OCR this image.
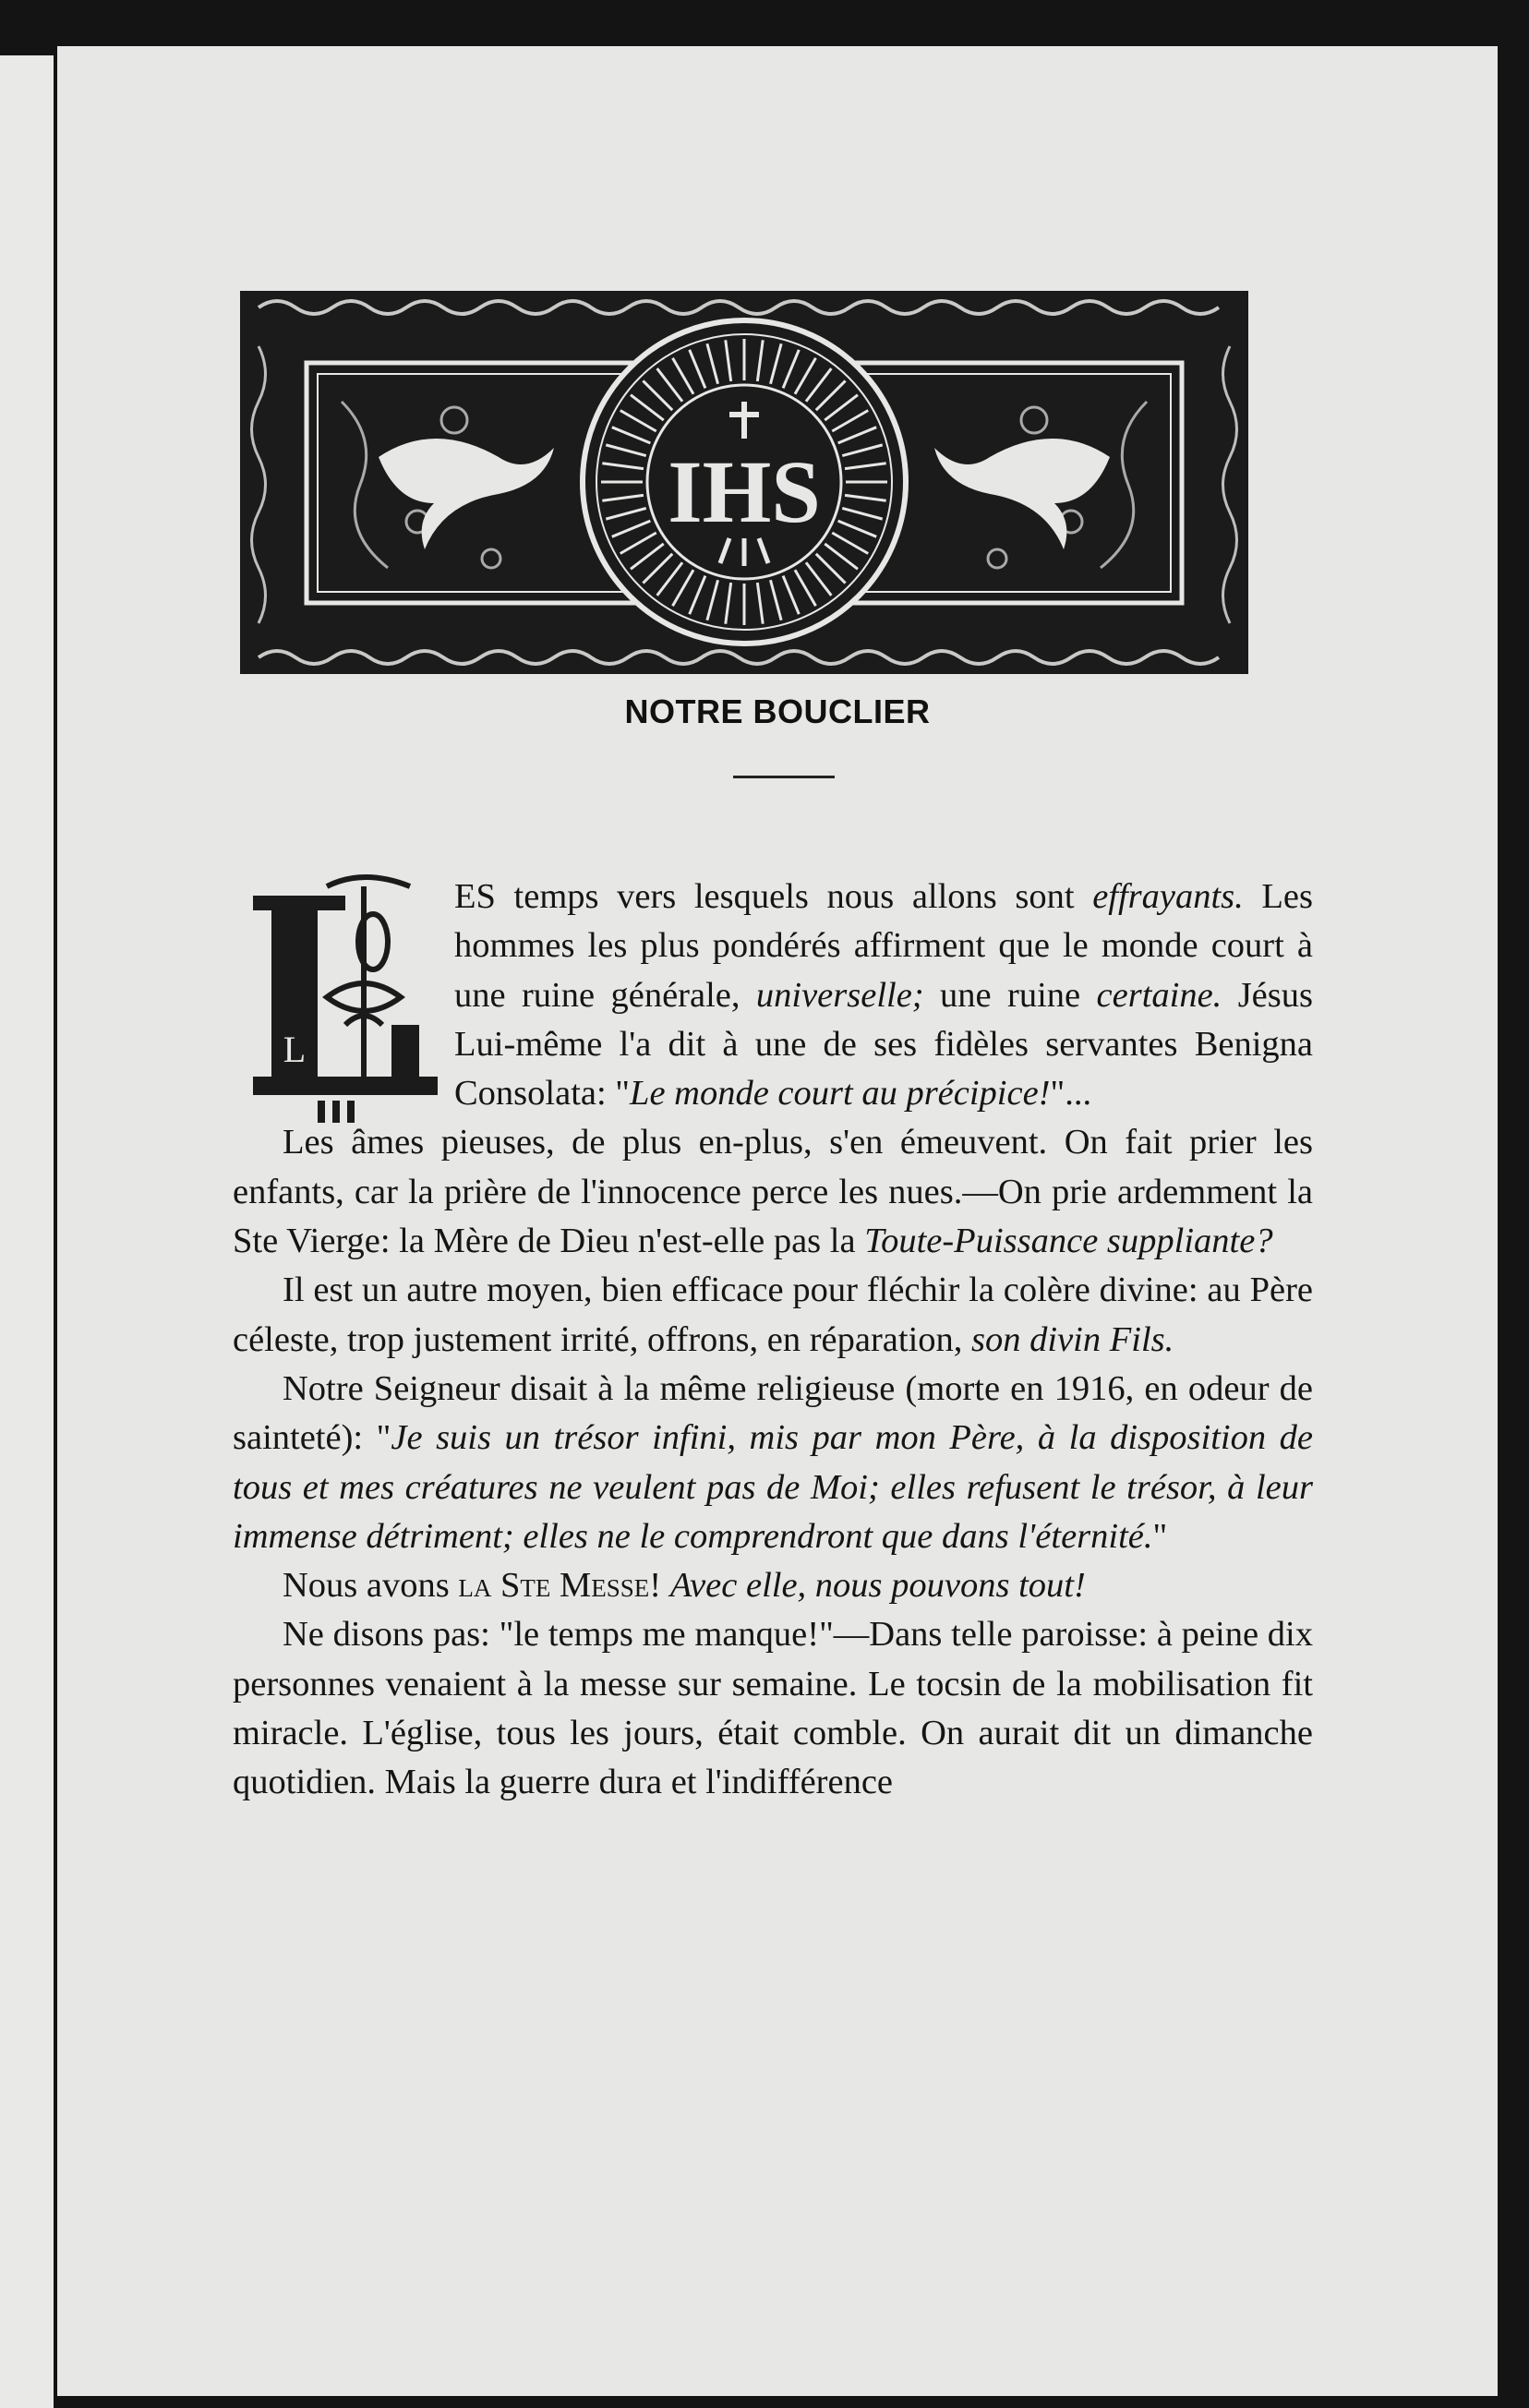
IHS
NOTRE BOUCLIER
L

ES temps vers lesquels nous allons sont effrayants. Les hommes les plus pondérés affirment que le monde court à une ruine générale, universelle; une ruine certaine. Jésus Lui-même l'a dit à une de ses fidèles servantes Benigna Consolata: "Le monde court au précipice!"...

Les âmes pieuses, de plus en-plus, s'en émeuvent. On fait prier les enfants, car la prière de l'innocence perce les nues.—On prie ardemment la Ste Vierge: la Mère de Dieu n'est-elle pas la Toute-Puissance suppliante?

Il est un autre moyen, bien efficace pour fléchir la colère divine: au Père céleste, trop justement irrité, offrons, en réparation, son divin Fils.

Notre Seigneur disait à la même religieuse (morte en 1916, en odeur de sainteté): "Je suis un trésor infini, mis par mon Père, à la disposition de tous et mes créatures ne veulent pas de Moi; elles refusent le trésor, à leur immense détriment; elles ne le comprendront que dans l'éternité."

Nous avons la Ste Messe! Avec elle, nous pouvons tout!

Ne disons pas: "le temps me manque!"—Dans telle paroisse: à peine dix personnes venaient à la messe sur semaine. Le tocsin de la mobilisation fit miracle. L'église, tous les jours, était comble. On aurait dit un dimanche quotidien. Mais la guerre dura et l'indifférence
